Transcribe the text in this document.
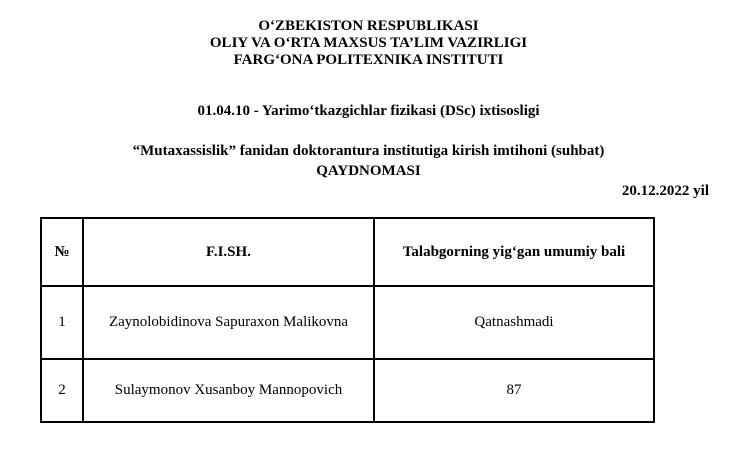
OʻZBEKISTON RESPUBLIKASI
OLIY VA OʻRTA MAXSUS TA’LIM VAZIRLIGI
FARGʻONA POLITEXNIKA INSTITUTI
01.04.10 - Yarimoʻtkazgichlar fizikasi (DSc) ixtisosligi
“Mutaxassislik” fanidan doktorantura institutiga kirish imtihoni (suhbat)
QAYDNOMASI
20.12.2022 yil
№	F.I.SH.	Talabgorning yigʻgan umumiy bali
1	Zaynolobidinova Sapuraxon Malikovna	Qatnashmadi
2	Sulaymonov Xusanboy Mannopovich	87
